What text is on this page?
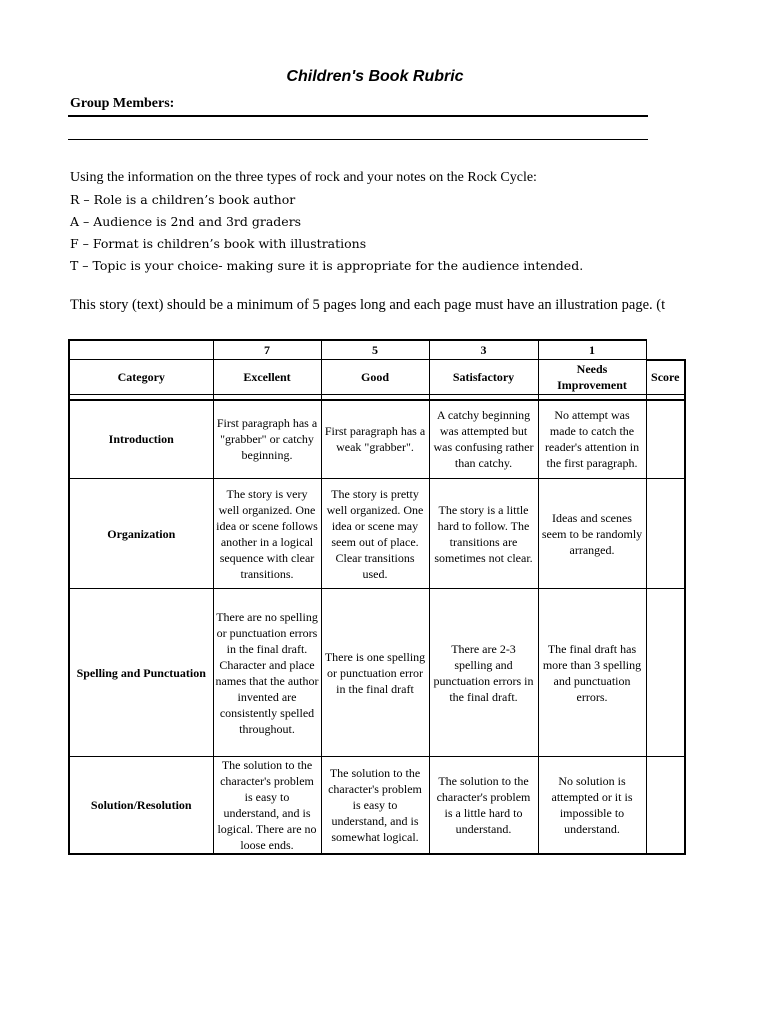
Children's Book Rubric
Group Members:
Using the information on the three types of rock and your notes on the Rock Cycle:
R – Role is a children’s book author
A – Audience is 2nd and 3rd graders
F – Format is children’s book with illustrations
T – Topic is your choice- making sure it is appropriate for the audience intended.
This story (text) should be a minimum of 5 pages long and each page must have an illustration page. (t
	7	5	3	1	
Category	Excellent	Good	Satisfactory	Needs Improvement	Score

Introduction	First paragraph has a "grabber" or catchy beginning.	First paragraph has a weak "grabber".	A catchy beginning was attempted but was confusing rather than catchy.	No attempt was made to catch the reader's attention in the first paragraph.	
Organization	The story is very well organized. One idea or scene follows another in a logical sequence with clear transitions.	The story is pretty well organized. One idea or scene may seem out of place. Clear transitions used.	The story is a little hard to follow. The transitions are sometimes not clear.	Ideas and scenes seem to be randomly arranged.	
Spelling and Punctuation	There are no spelling or punctuation errors in the final draft. Character and place names that the author invented are consistently spelled throughout.	There is one spelling or punctuation error in the final draft	There are 2-3 spelling and punctuation errors in the final draft.	The final draft has more than 3 spelling and punctuation errors.	
Solution/Resolution	The solution to the character's problem is easy to understand, and is logical. There are no loose ends.	The solution to the character's problem is easy to understand, and is somewhat logical.	The solution to the character's problem is a little hard to understand.	No solution is attempted or it is impossible to understand.	
